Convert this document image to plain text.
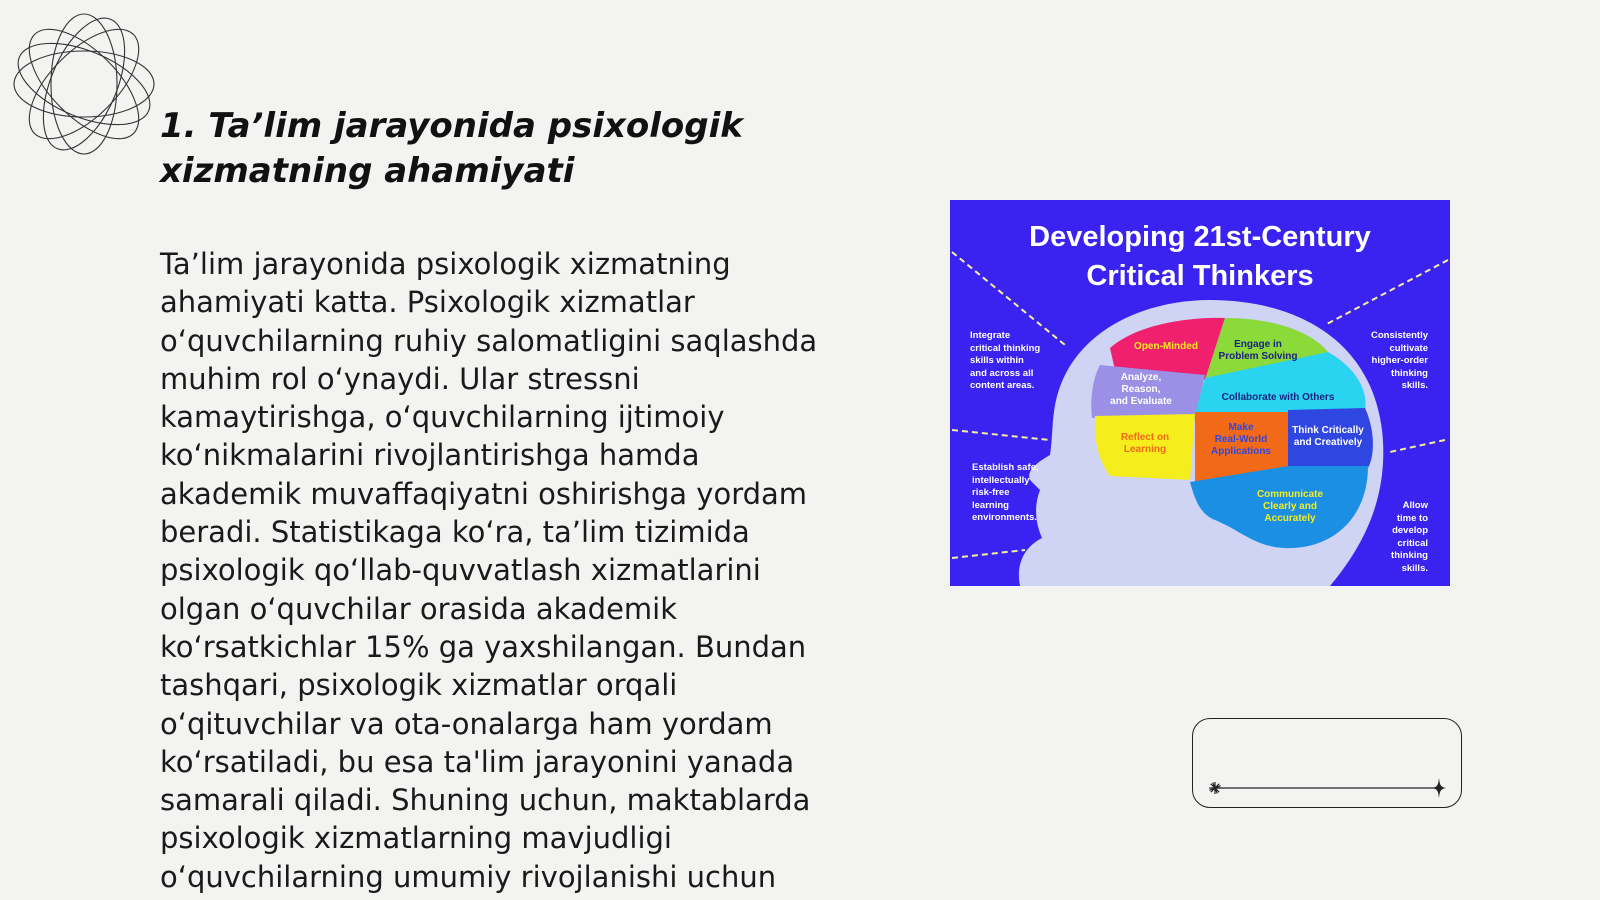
1. Ta’lim jarayonida psixologik
xizmatning ahamiyati

Ta’lim jarayonida psixologik xizmatning
ahamiyati katta. Psixologik xizmatlar
o‘quvchilarning ruhiy salomatligini saqlashda
muhim rol o‘ynaydi. Ular stressni
kamaytirishga, o‘quvchilarning ijtimoiy
ko‘nikmalarini rivojlantirishga hamda
akademik muvaffaqiyatni oshirishga yordam
beradi. Statistikaga ko‘ra, ta’lim tizimida
psixologik qo‘llab-quvvatlash xizmatlarini
olgan o‘quvchilar orasida akademik
ko‘rsatkichlar 15% ga yaxshilangan. Bundan
tashqari, psixologik xizmatlar orqali
o‘qituvchilar va ota-onalarga ham yordam
ko‘rsatiladi, bu esa ta'lim jarayonini yanada
samarali qiladi. Shuning uchun, maktablarda
psixologik xizmatlarning mavjudligi
o‘quvchilarning umumiy rivojlanishi uchun

Developing 21st-Century
Critical Thinkers
Integrate
critical thinking
skills within
and across all
content areas.
Establish safe,
intellectually
risk-free
learning
environments.
Consistently
cultivate
higher-order
thinking
skills.
Allow
time to
develop
critical
thinking
skills.
Open-Minded	Engage in
Problem Solving
Analyze,
Reason,
and Evaluate	Collaborate with Others
Reflect on
Learning
Make
Real-World
Applications
Think Critically
and Creatively
Communicate
Clearly and
Accurately
